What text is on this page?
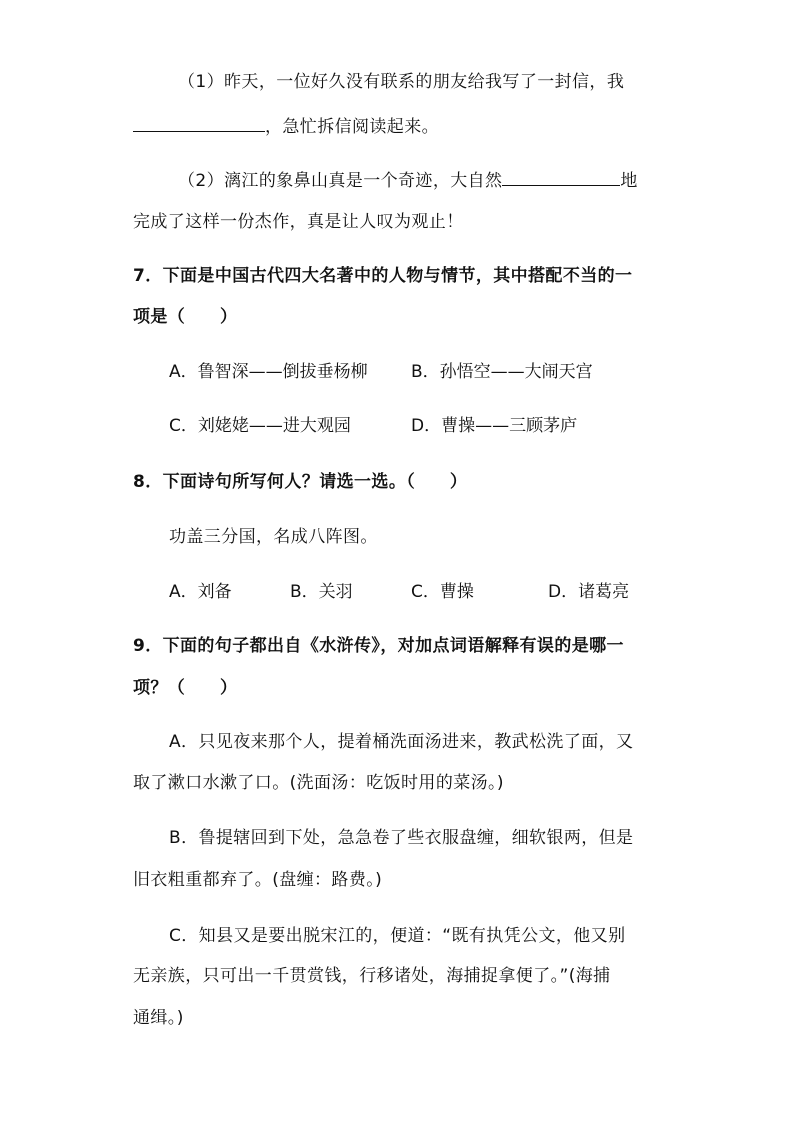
（1）昨天，一位好久没有联系的朋友给我写了一封信，我
，急忙拆信阅读起来。
（2）漓江的象鼻山真是一个奇迹，大自然	地
完成了这样一份杰作，真是让人叹为观止！
7．下面是中国古代四大名著中的人物与情节，其中搭配不当的一
项是（　　）
A．鲁智深——倒拔垂杨柳	B．孙悟空——大闹天宫
C．刘姥姥——进大观园	D．曹操——三顾茅庐
8．下面诗句所写何人？请选一选。（　　）
功盖三分国，名成八阵图。
A．刘备	B．关羽	C．曹操	D．诸葛亮
9．下面的句子都出自《水浒传》，对加点词语解释有误的是哪一
项？（　　）
A．只见夜来那个人，提着桶洗面汤进来，教武松洗了面，又
取了漱口水漱了口。(洗面汤：吃饭时用的菜汤。)
B．鲁提辖回到下处，急急卷了些衣服盘缠，细软银两，但是
旧衣粗重都弃了。(盘缠：路费。)
C．知县又是要出脱宋江的，便道：“既有执凭公文，他又别
无亲族，只可出一千贯赏钱，行移诸处，海捕捉拿便了。”(海捕
通缉。)
